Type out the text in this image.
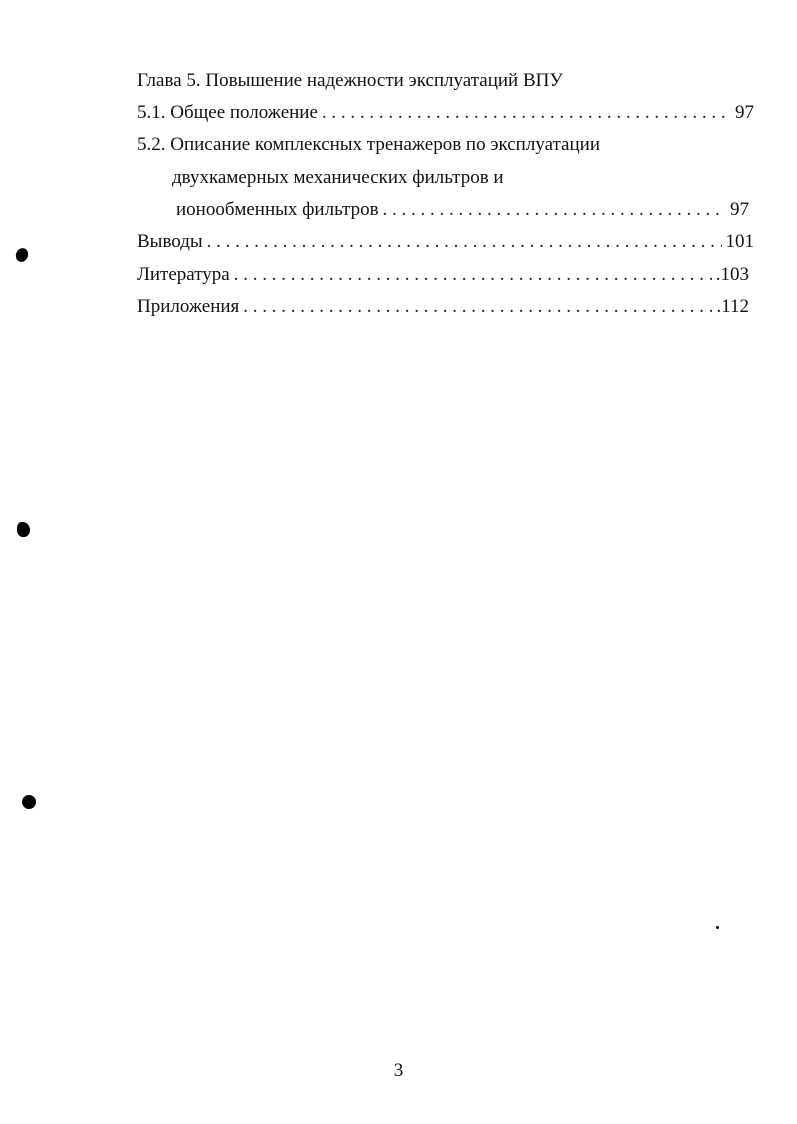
Глава 5. Повышение надежности эксплуатаций ВПУ
5.1. Общее положение . . .	97
5.2. Описание комплексных тренажеров по эксплуатации
двухкамерных механических фильтров и
ионообменных фильтров . . .	97
Выводы . . .	101
Литература . . .	.103
Приложения . . .	.112
3
